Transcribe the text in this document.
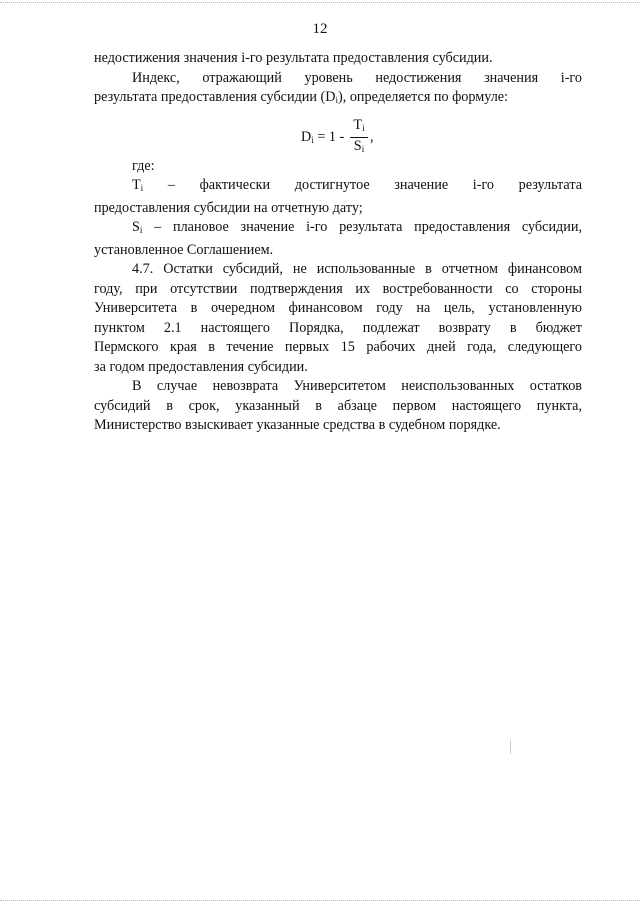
12
недостижения значения i-го результата предоставления субсидии.
Индекс, отражающий уровень недостижения значения i-го
результата предоставления субсидии $(D_i)$, определяется по формуле:
$D_i = 1 - \frac{T_i}{S_i}$ ,
где:
$T_i$ – фактически достигнутое значение i-го результата
предоставления субсидии на отчетную дату;
$S_i$ – плановое значение i-го результата предоставления субсидии,
установленное Соглашением.
4.7. Остатки субсидий, не использованные в отчетном финансовом
году, при отсутствии подтверждения их востребованности со стороны
Университета в очередном финансовом году на цель, установленную
пунктом 2.1 настоящего Порядка, подлежат возврату в бюджет
Пермского края в течение первых 15 рабочих дней года, следующего
за годом предоставления субсидии.
В случае невозврата Университетом неиспользованных остатков
субсидий в срок, указанный в абзаце первом настоящего пункта,
Министерство взыскивает указанные средства в судебном порядке.
